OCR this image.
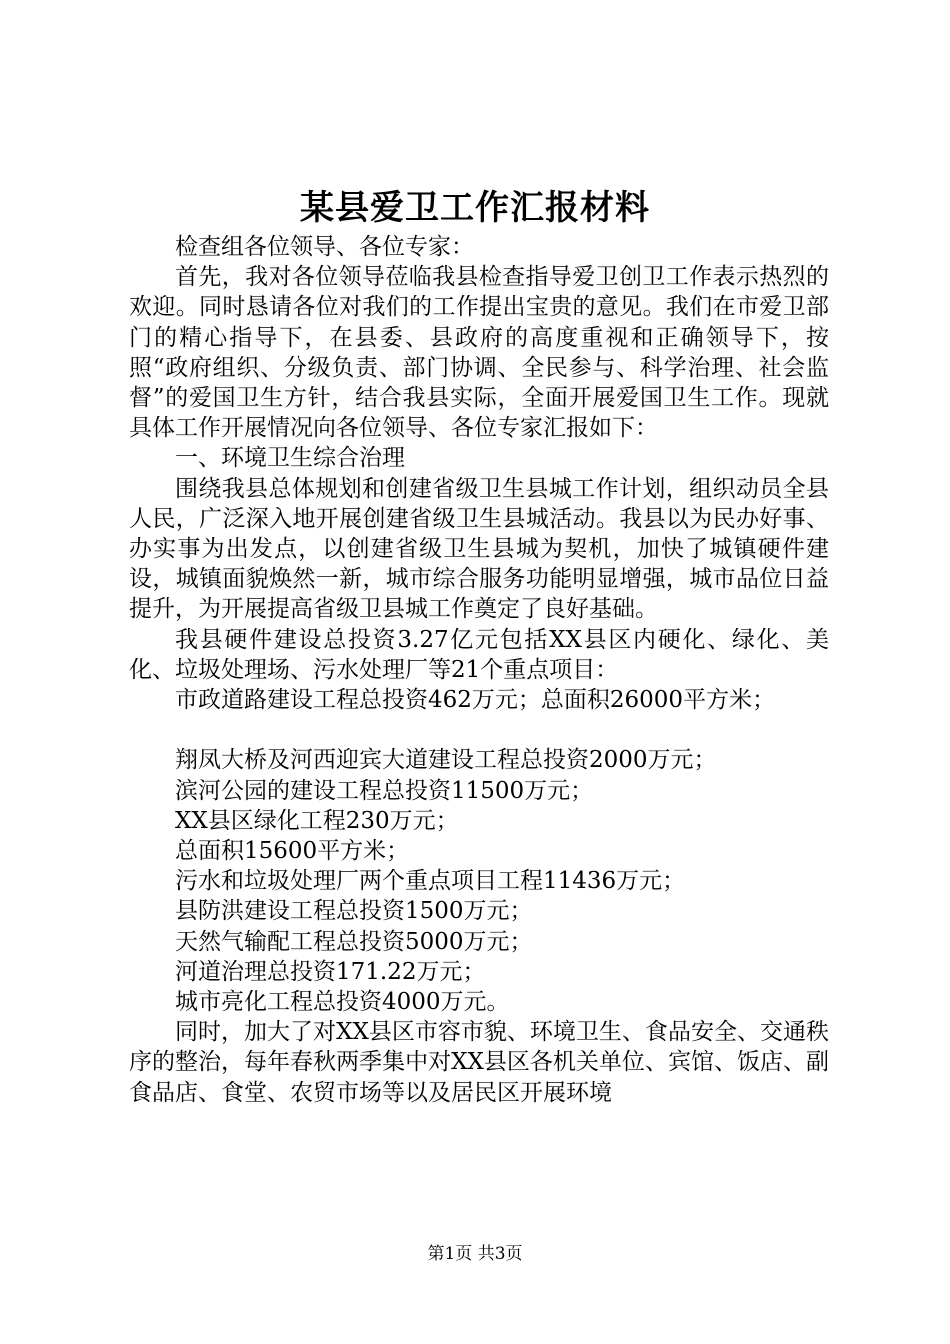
某县爱卫工作汇报材料
检查组各位领导、各位专家：
首先，我对各位领导莅临我县检查指导爱卫创卫工作表示热烈的欢迎。同时恳请各位对我们的工作提出宝贵的意见。我们在市爱卫部门的精心指导下，在县委、县政府的高度重视和正确领导下，按照“政府组织、分级负责、部门协调、全民参与、科学治理、社会监督”的爱国卫生方针，结合我县实际，全面开展爱国卫生工作。现就具体工作开展情况向各位领导、各位专家汇报如下：
一、环境卫生综合治理
围绕我县总体规划和创建省级卫生县城工作计划，组织动员全县人民，广泛深入地开展创建省级卫生县城活动。我县以为民办好事、办实事为出发点，以创建省级卫生县城为契机，加快了城镇硬件建设，城镇面貌焕然一新，城市综合服务功能明显增强，城市品位日益提升，为开展提高省级卫县城工作奠定了良好基础。
我县硬件建设总投资3.27亿元包括XX县区内硬化、绿化、美化、垃圾处理场、污水处理厂等21个重点项目：
市政道路建设工程总投资462万元；总面积26000平方米；
翔凤大桥及河西迎宾大道建设工程总投资2000万元；
滨河公园的建设工程总投资11500万元；
XX县区绿化工程230万元；
总面积15600平方米；
污水和垃圾处理厂两个重点项目工程11436万元；
县防洪建设工程总投资1500万元；
天然气输配工程总投资5000万元；
河道治理总投资171.22万元；
城市亮化工程总投资4000万元。
同时，加大了对XX县区市容市貌、环境卫生、食品安全、交通秩序的整治，每年春秋两季集中对XX县区各机关单位、宾馆、饭店、副食品店、食堂、农贸市场等以及居民区开展环境
第1页 共3页
